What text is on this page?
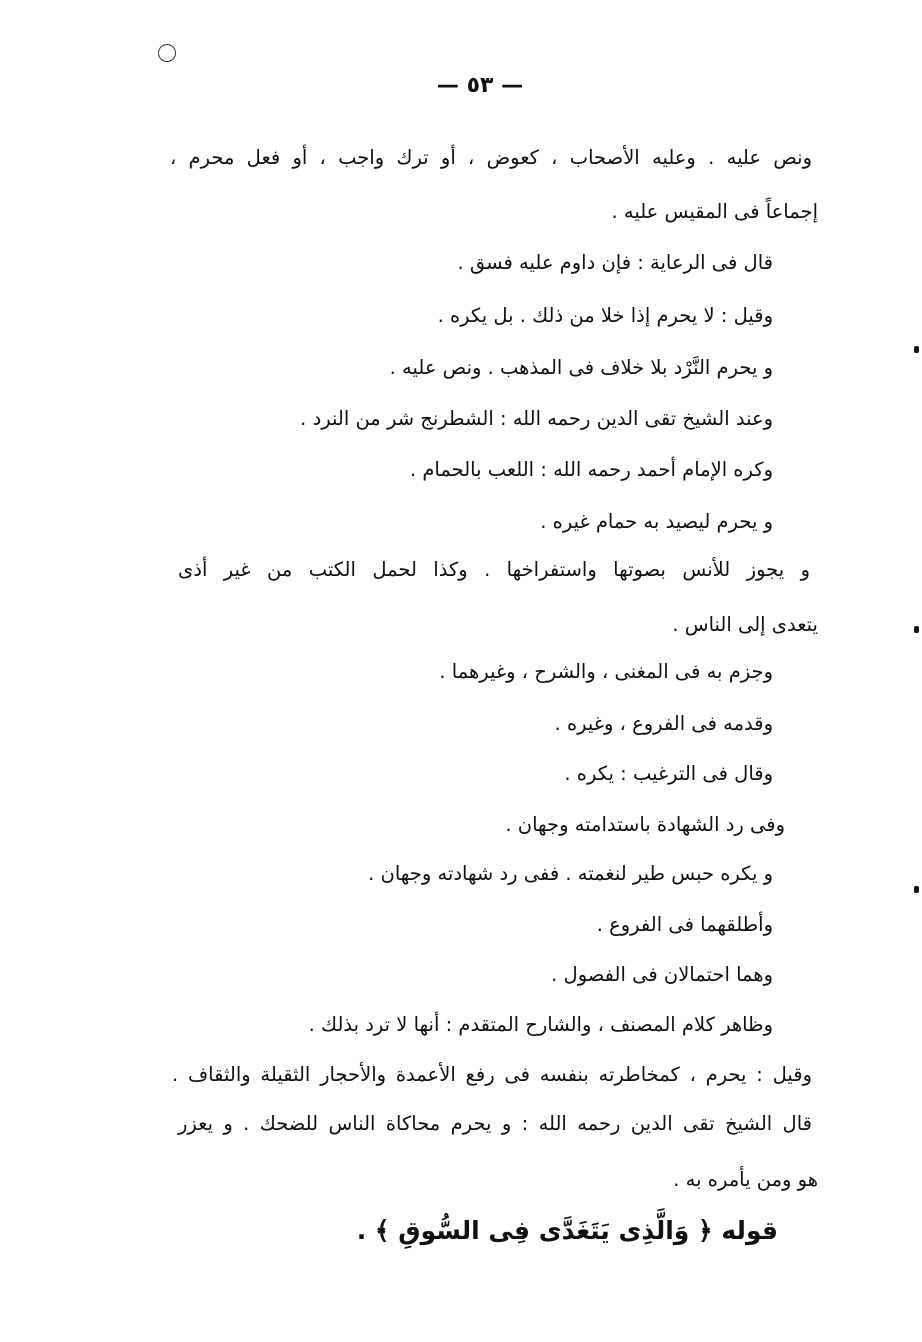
— ٥٣ —
ونص عليه . وعليه الأصحاب ، كعوض ، أو ترك واجب ، أو فعل محرم ،
إجماعاً فى المقيس عليه .
قال فى الرعاية : فإن داوم عليه فسق .
وقيل : لا يحرم إذا خلا من ذلك . بل يكره .
و يحرم النَّرْد بلا خلاف فى المذهب . ونص عليه .
وعند الشيخ تقى الدين رحمه الله : الشطرنج شر من النرد .
وكره الإمام أحمد رحمه الله : اللعب بالحمام .
و يحرم ليصيد به حمام غيره .
و يجوز للأنس بصوتها واستفراخها . وكذا لحمل الكتب من غير أذى
يتعدى إلى الناس .
وجزم به فى المغنى ، والشرح ، وغيرهما .
وقدمه فى الفروع ، وغيره .
وقال فى الترغيب : يكره .
وفى رد الشهادة باستدامته وجهان .
و يكره حبس طير لنغمته . ففى رد شهادته وجهان .
وأطلقهما فى الفروع .
وهما احتمالان فى الفصول .
وظاهر كلام المصنف ، والشارح المتقدم : أنها لا ترد بذلك .
وقيل : يحرم ، كمخاطرته بنفسه فى رفع الأعمدة والأحجار الثقيلة والثقاف .
قال الشيخ تقى الدين رحمه الله : و يحرم محاكاة الناس للضحك . و يعزر
هو ومن يأمره به .
قوله ﴿ وَالَّذِى يَتَغَدَّى فِى السُّوقِ ﴾ .
